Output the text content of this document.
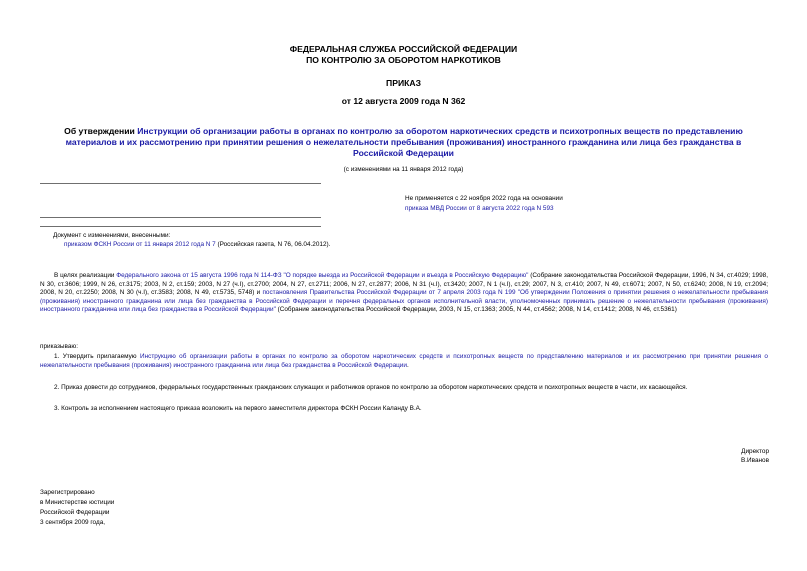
ФЕДЕРАЛЬНАЯ СЛУЖБА РОССИЙСКОЙ ФЕДЕРАЦИИ
ПО КОНТРОЛЮ ЗА ОБОРОТОМ НАРКОТИКОВ
ПРИКАЗ
от 12 августа 2009 года N 362
Об утверждении Инструкции об организации работы в органах по контролю за оборотом наркотических средств и психотропных веществ по представлению материалов и их рассмотрению при принятии решения о нежелательности пребывания (проживания) иностранного гражданина или лица без гражданства в Российской Федерации
(с изменениями на 11 января 2012 года)
Не применяется с 22 ноября 2022 года на основании
приказа МВД России от 8 августа 2022 года N 593
Документ с изменениями, внесенными:
приказом ФСКН России от 11 января 2012 года N 7 (Российская газета, N 76, 06.04.2012).
В целях реализации Федерального закона от 15 августа 1996 года N 114-ФЗ "О порядке выезда из Российской Федерации и въезда в Российскую Федерацию" (Собрание законодательства Российской Федерации, 1996, N 34, ст.4029; 1998, N 30, ст.3606; 1999, N 26, ст.3175; 2003, N 2, ст.159; 2003, N 27 (ч.I), ст.2700; 2004, N 27, ст.2711; 2006, N 27, ст.2877; 2006, N 31 (ч.I), ст.3420; 2007, N 1 (ч.I), ст.29; 2007, N 3, ст.410; 2007, N 49, ст.6071; 2007, N 50, ст.6240; 2008, N 19, ст.2094; 2008, N 20, ст.2250; 2008, N 30 (ч.I), ст.3583; 2008, N 49, ст.5735, 5748) и постановления Правительства Российской Федерации от 7 апреля 2003 года N 199 "Об утверждении Положения о принятии решения о нежелательности пребывания (проживания) иностранного гражданина или лица без гражданства в Российской Федерации и перечня федеральных органов исполнительной власти, уполномоченных принимать решение о нежелательности пребывания (проживания) иностранного гражданина или лица без гражданства в Российской Федерации" (Собрание законодательства Российской Федерации, 2003, N 15, ст.1363; 2005, N 44, ст.4562; 2008, N 14, ст.1412; 2008, N 46, ст.5361)
приказываю:
1. Утвердить прилагаемую Инструкцию об организации работы в органах по контролю за оборотом наркотических средств и психотропных веществ по представлению материалов и их рассмотрению при принятии решения о нежелательности пребывания (проживания) иностранного гражданина или лица без гражданства в Российской Федерации.
2. Приказ довести до сотрудников, федеральных государственных гражданских служащих и работников органов по контролю за оборотом наркотических средств и психотропных веществ в части, их касающейся.
3. Контроль за исполнением настоящего приказа возложить на первого заместителя директора ФСКН России Каланду В.А.
Директор
В.Иванов
Зарегистрировано
в Министерстве юстиции
Российской Федерации
3 сентября 2009 года,
